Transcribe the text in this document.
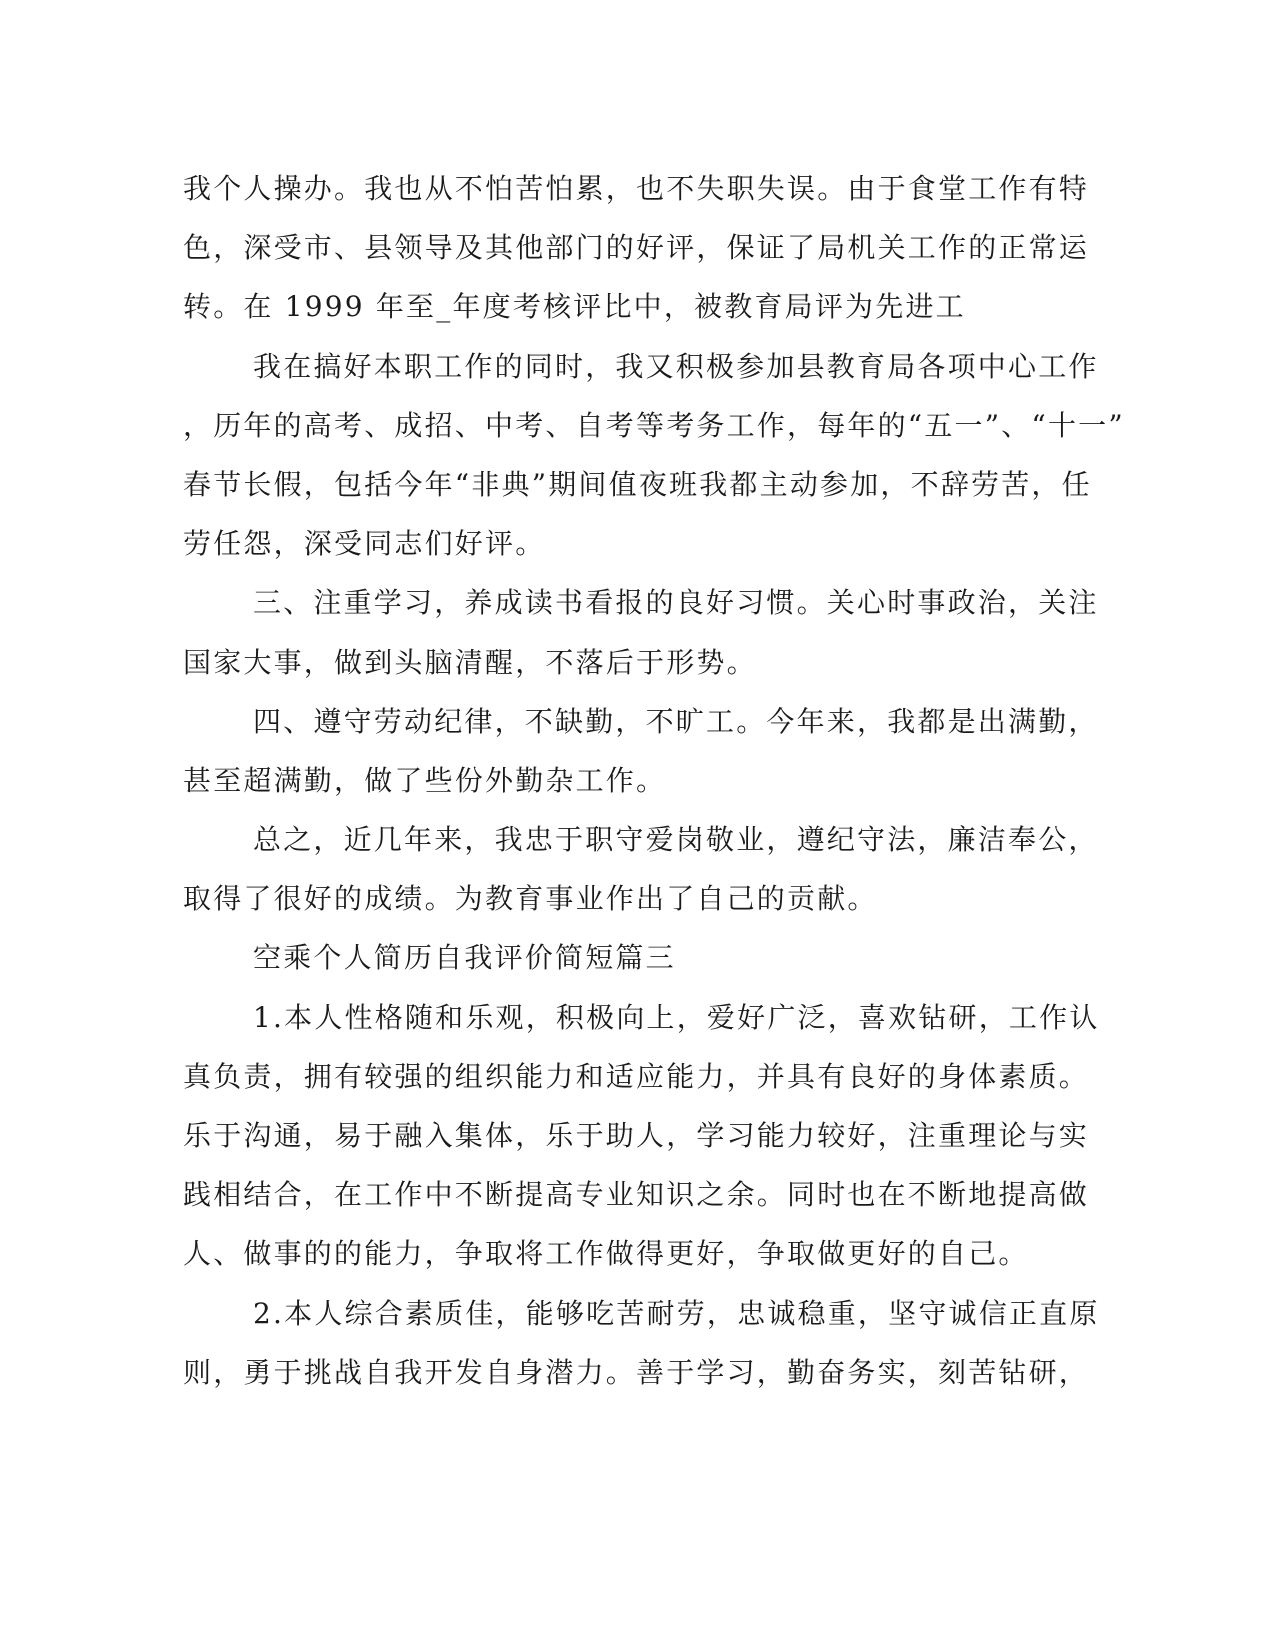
我个人操办。我也从不怕苦怕累，也不失职失误。由于食堂工作有特
色，深受市、县领导及其他部门的好评，保证了局机关工作的正常运
转。在 1999 年至_年度考核评比中，被教育局评为先进工
我在搞好本职工作的同时，我又积极参加县教育局各项中心工作
，历年的高考、成招、中考、自考等考务工作，每年的“五一”、“十一”
春节长假，包括今年“非典”期间值夜班我都主动参加，不辞劳苦，任
劳任怨，深受同志们好评。
三、注重学习，养成读书看报的良好习惯。关心时事政治，关注
国家大事，做到头脑清醒，不落后于形势。
四、遵守劳动纪律，不缺勤，不旷工。今年来，我都是出满勤，
甚至超满勤，做了些份外勤杂工作。
总之，近几年来，我忠于职守爱岗敬业，遵纪守法，廉洁奉公，
取得了很好的成绩。为教育事业作出了自己的贡献。
空乘个人简历自我评价简短篇三
1.本人性格随和乐观，积极向上，爱好广泛，喜欢钻研，工作认
真负责，拥有较强的组织能力和适应能力，并具有良好的身体素质。
乐于沟通，易于融入集体，乐于助人，学习能力较好，注重理论与实
践相结合，在工作中不断提高专业知识之余。同时也在不断地提高做
人、做事的的能力，争取将工作做得更好，争取做更好的自己。
2.本人综合素质佳，能够吃苦耐劳，忠诚稳重，坚守诚信正直原
则，勇于挑战自我开发自身潜力。善于学习，勤奋务实，刻苦钻研，
